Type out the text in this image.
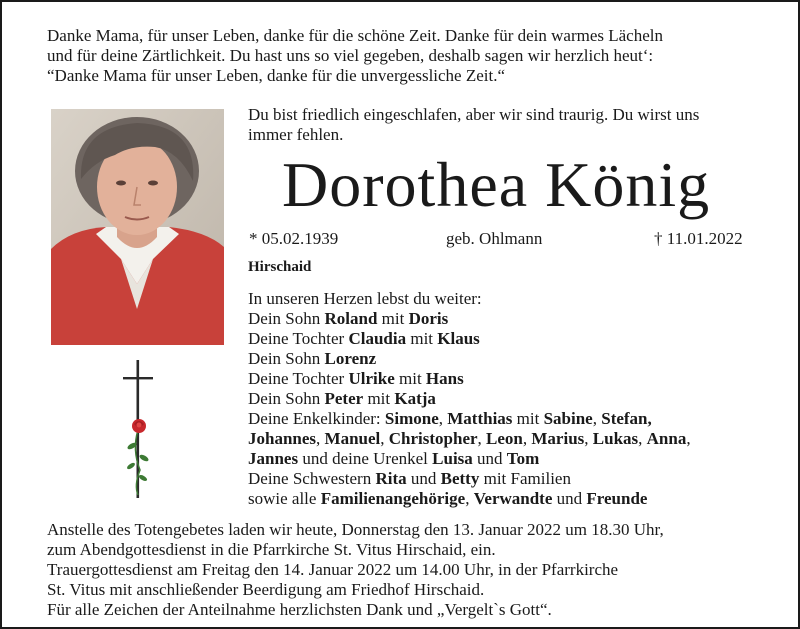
Danke Mama, für unser Leben, danke für die schöne Zeit. Danke für dein warmes Lächeln
und für deine Zärtlichkeit. Du hast uns so viel gegeben, deshalb sagen wir herzlich heut‘:
“Danke Mama für unser Leben, danke für die unvergessliche Zeit.“
Du bist friedlich eingeschlafen, aber wir sind traurig. Du wirst uns
immer fehlen.
Dorothea König
* 05.02.1939	geb. Ohlmann	† 11.01.2022
Hirschaid
In unseren Herzen lebst du weiter:
Dein Sohn Roland mit Doris
Deine Tochter Claudia mit Klaus
Dein Sohn Lorenz
Deine Tochter Ulrike mit Hans
Dein Sohn Peter mit Katja
Deine Enkelkinder: Simone, Matthias mit Sabine, Stefan,
Johannes, Manuel, Christopher, Leon, Marius, Lukas, Anna,
Jannes und deine Urenkel Luisa und Tom
Deine Schwestern Rita und Betty mit Familien
sowie alle Familienangehörige, Verwandte und Freunde
Anstelle des Totengebetes laden wir heute, Donnerstag den 13. Januar 2022 um 18.30 Uhr,
zum Abendgottesdienst in die Pfarrkirche St. Vitus Hirschaid, ein.
Trauergottesdienst am Freitag den 14. Januar 2022 um 14.00 Uhr, in der Pfarrkirche
St. Vitus mit anschließender Beerdigung am Friedhof Hirschaid.
Für alle Zeichen der Anteilnahme herzlichsten Dank und „Vergelt`s Gott“.
